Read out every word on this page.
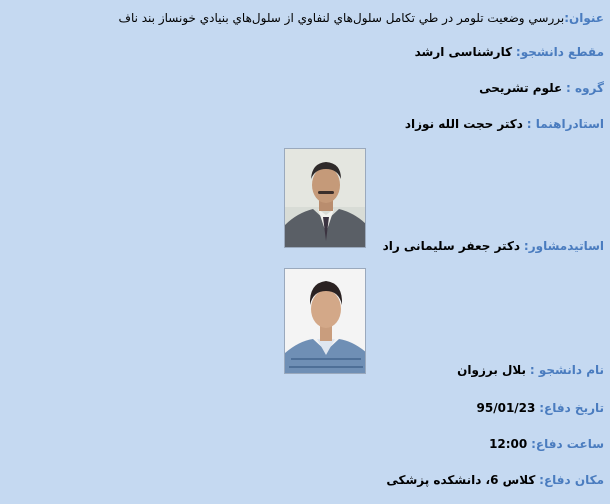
عنوان:بررسي وضعيت تلومر در طي تكامل سلول‌هاي لنفاوي از سلول‌هاي بنيادي خونساز بند ناف
مقطع دانشجو: كارشناسی ارشد
گروه : علوم تشریحی
استادراهنما : دکتر حجت الله نوزاد
اساتیدمشاور: دکتر جعفر سلیمانی راد
نام دانشجو : بلال برزوان
تاريخ دفاع: 95/01/23
ساعت دفاع: 12:00
مکان دفاع: كلاس 6، دانشکده پزشکی
